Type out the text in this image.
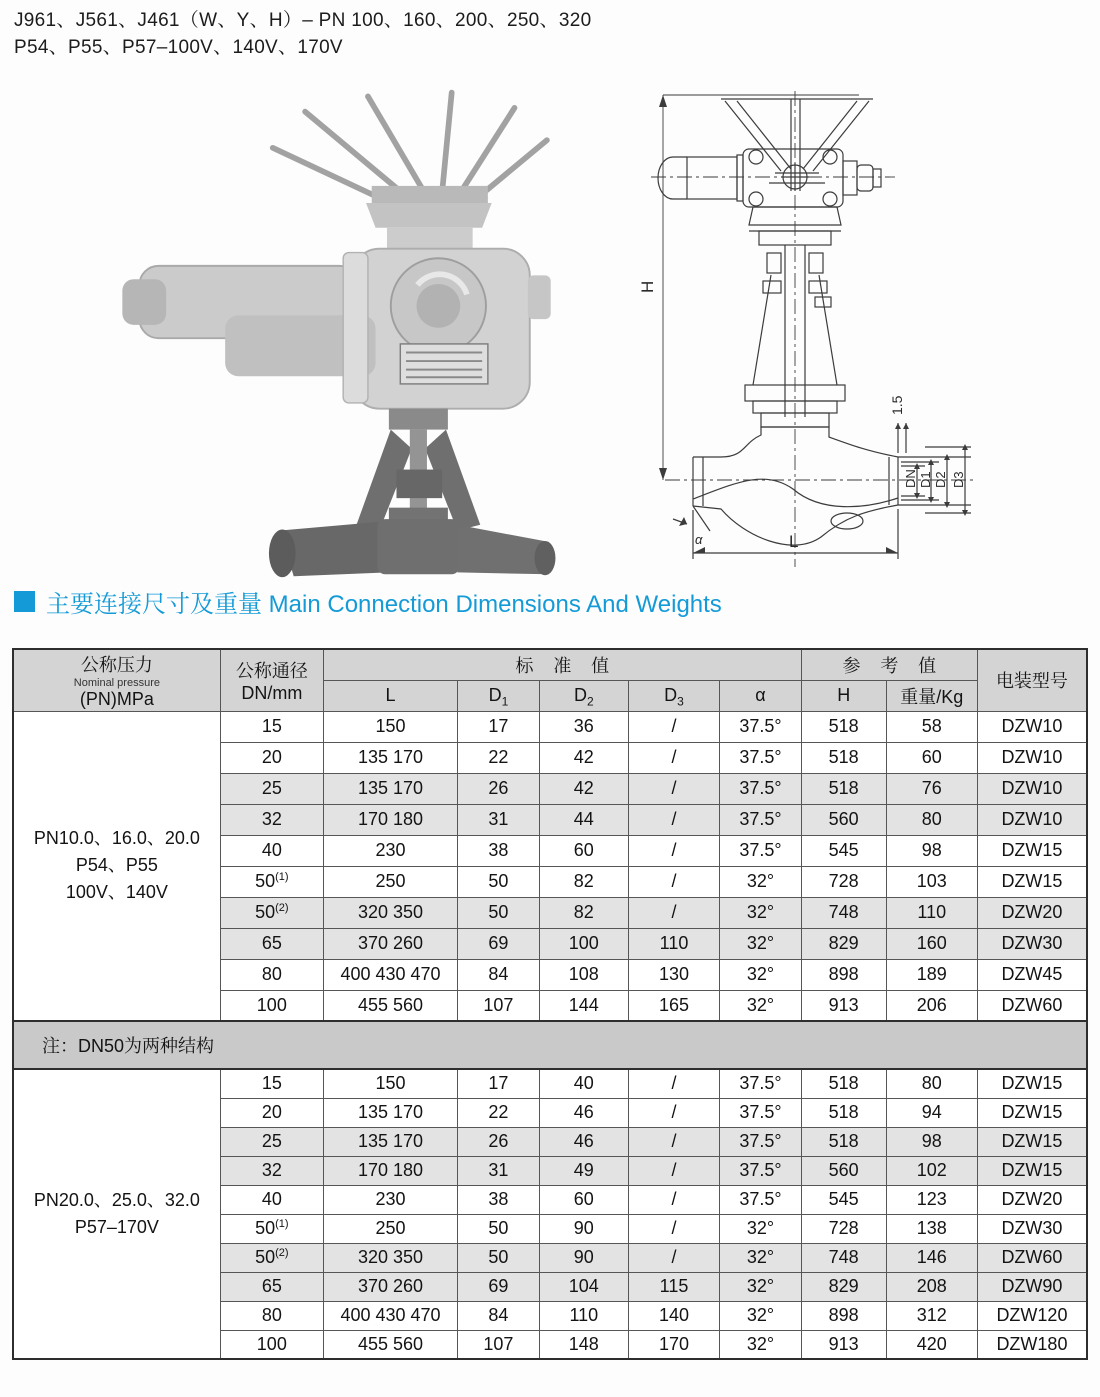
J961、J561、J461（W、Y、H）– PN 100、160、200、250、320
P54、P55、P57–100V、140V、170V
H
1.5
DN D1 D2 D3
α	L
主要连接尺寸及重量 Main Connection Dimensions And Weights
公称压力
Nominal pressure
(PN)MPa

公称通径
DN/mm
	标准值	参考值	电装型号
		L	$D_1$	$D_2$	$D_3$	α	H	重量/Kg	

PN10.0、16.0、20.0
P54、P55
100V、140V	15	150	17	36	/	37.5°	518	58	DZW10
	20	135 170	22	42	/	37.5°	518	60	DZW10
	25	135 170	26	42	/	37.5°	518	76	DZW10
	32	170 180	31	44	/	37.5°	560	80	DZW10
	40	230	38	60	/	37.5°	545	98	DZW15
	50$^{(1)}$	250	50	82	/	32°	728	103	DZW15
	50$^{(2)}$	320 350	50	82	/	32°	748	110	DZW20
	65	370 260	69	100	110	32°	829	160	DZW30
	80	400 430 470	84	108	130	32°	898	189	DZW45
	100	455 560	107	144	165	32°	913	206	DZW60
注：DN50为两种结构									

PN20.0、25.0、32.0
P57–170V	15	150	17	40	/	37.5°	518	80	DZW15
	20	135 170	22	46	/	37.5°	518	94	DZW15
	25	135 170	26	46	/	37.5°	518	98	DZW15
	32	170 180	31	49	/	37.5°	560	102	DZW15
	40	230	38	60	/	37.5°	545	123	DZW20
	50$^{(1)}$	250	50	90	/	32°	728	138	DZW30
	50$^{(2)}$	320 350	50	90	/	32°	748	146	DZW60
	65	370 260	69	104	115	32°	829	208	DZW90
	80	400 430 470	84	110	140	32°	898	312	DZW120
	100	455 560	107	148	170	32°	913	420	DZW180
